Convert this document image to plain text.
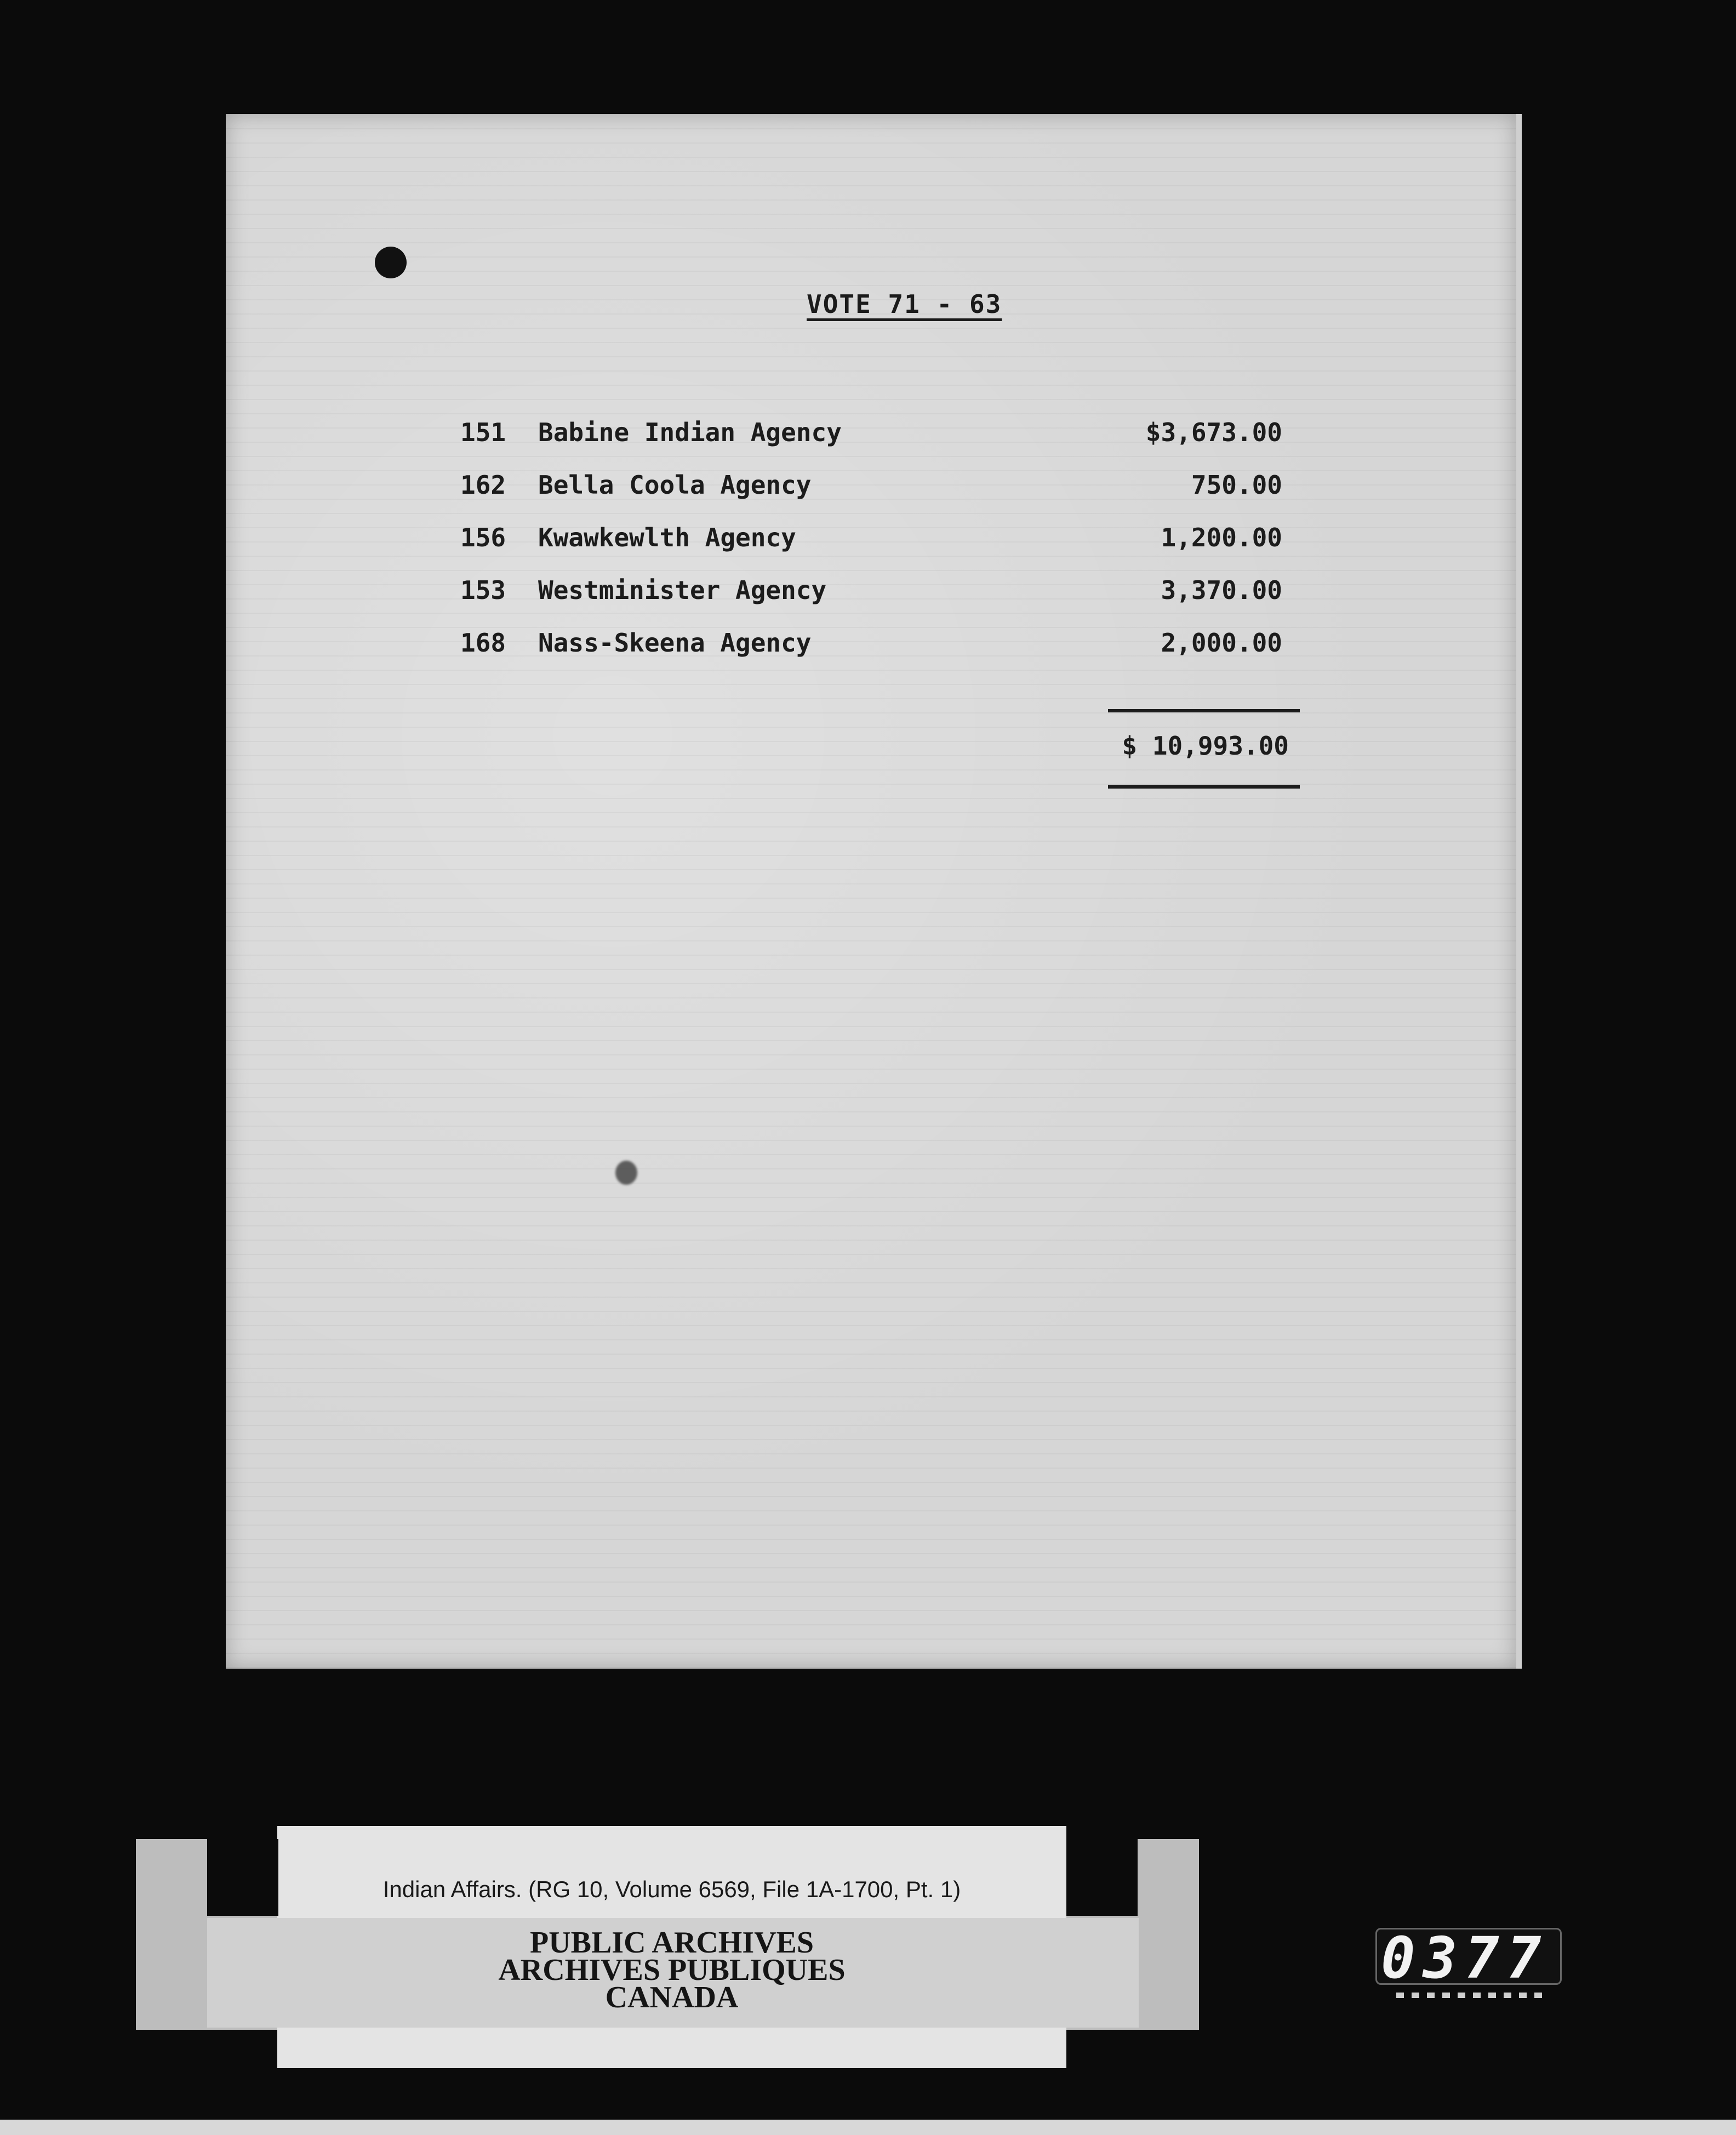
VOTE 71 - 63
151	Babine Indian Agency	$3,673.00
162	Bella Coola Agency	750.00
156	Kwawkewlth Agency	1,200.00
153	Westminister Agency	3,370.00
168	Nass-Skeena Agency	2,000.00
$ 10,993.00
Indian Affairs. (RG 10, Volume 6569, File 1A-1700, Pt. 1)
PUBLIC ARCHIVES
ARCHIVES PUBLIQUES
CANADA
0377
